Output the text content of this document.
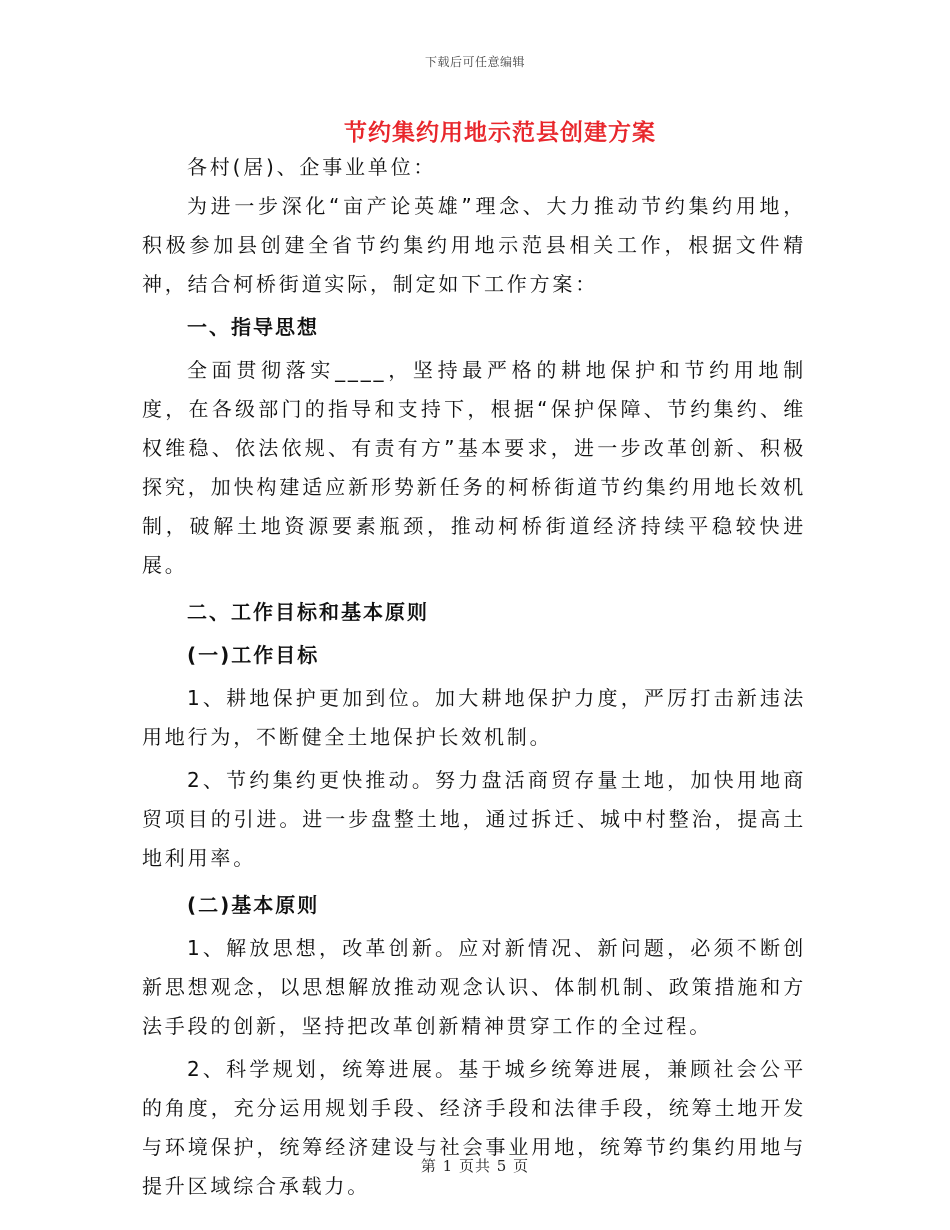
下载后可任意编辑
节约集约用地示范县创建方案

各村(居)、企事业单位：

为进一步深化“亩产论英雄”理念、大力推动节约集约用地，积极参加县创建全省节约集约用地示范县相关工作，根据文件精神，结合柯桥街道实际，制定如下工作方案：

一、指导思想

全面贯彻落实____，坚持最严格的耕地保护和节约用地制度，在各级部门的指导和支持下，根据“保护保障、节约集约、维权维稳、依法依规、有责有方”基本要求，进一步改革创新、积极探究，加快构建适应新形势新任务的柯桥街道节约集约用地长效机制，破解土地资源要素瓶颈，推动柯桥街道经济持续平稳较快进展。

二、工作目标和基本原则

(一)工作目标

1、耕地保护更加到位。加大耕地保护力度，严厉打击新违法用地行为，不断健全土地保护长效机制。

2、节约集约更快推动。努力盘活商贸存量土地，加快用地商贸项目的引进。进一步盘整土地，通过拆迁、城中村整治，提高土地利用率。

(二)基本原则

1、解放思想，改革创新。应对新情况、新问题，必须不断创新思想观念，以思想解放推动观念认识、体制机制、政策措施和方法手段的创新，坚持把改革创新精神贯穿工作的全过程。

2、科学规划，统筹进展。基于城乡统筹进展，兼顾社会公平的角度，充分运用规划手段、经济手段和法律手段，统筹土地开发与环境保护，统筹经济建设与社会事业用地，统筹节约集约用地与提升区域综合承载力。

第 1 页共 5 页
